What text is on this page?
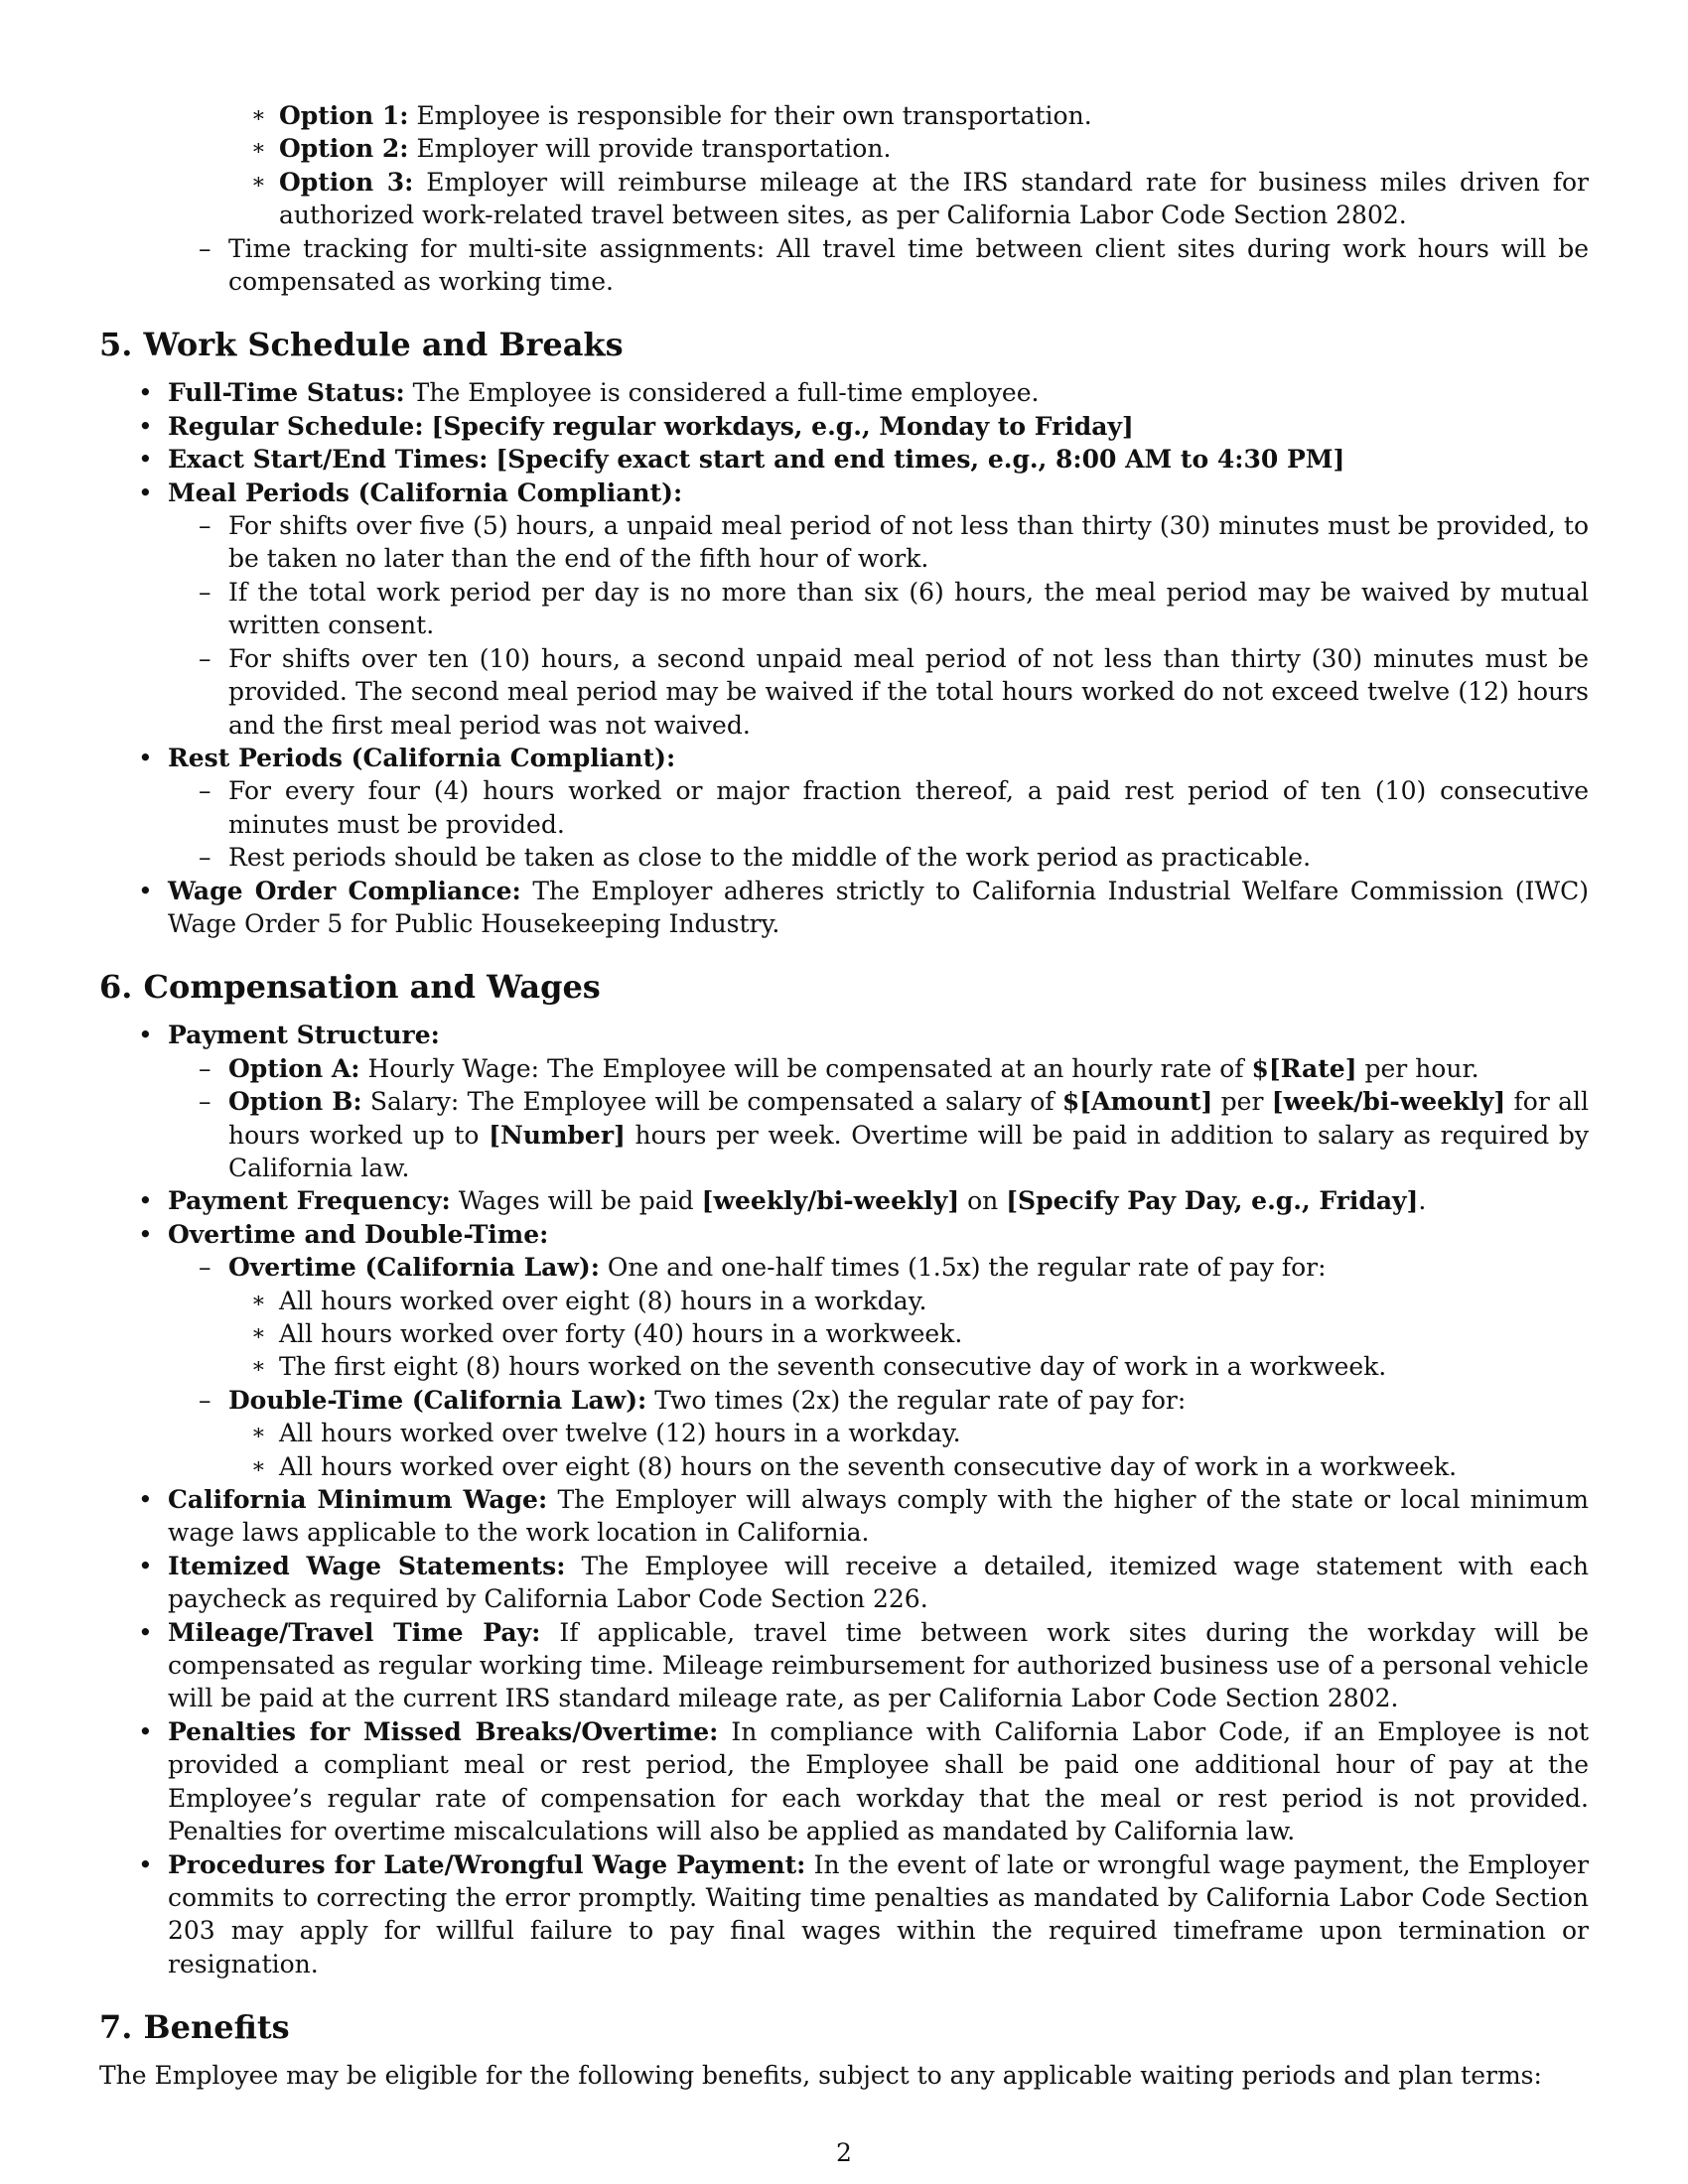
∗ Option 1: Employee is responsible for their own transportation.
∗ Option 2: Employer will provide transportation.
∗ Option 3: Employer will reimburse mileage at the IRS standard rate for business miles driven for authorized work-related travel between sites, as per California Labor Code Section 2802.
– Time tracking for multi-site assignments: All travel time between client sites during work hours will be compensated as working time.
5. Work Schedule and Breaks
• Full-Time Status: The Employee is considered a full-time employee.
• Regular Schedule: [Specify regular workdays, e.g., Monday to Friday]
• Exact Start/End Times: [Specify exact start and end times, e.g., 8:00 AM to 4:30 PM]
• Meal Periods (California Compliant):
– For shifts over five (5) hours, a unpaid meal period of not less than thirty (30) minutes must be provided, to be taken no later than the end of the fifth hour of work.
– If the total work period per day is no more than six (6) hours, the meal period may be waived by mutual written consent.
– For shifts over ten (10) hours, a second unpaid meal period of not less than thirty (30) minutes must be provided. The second meal period may be waived if the total hours worked do not exceed twelve (12) hours and the first meal period was not waived.
• Rest Periods (California Compliant):
– For every four (4) hours worked or major fraction thereof, a paid rest period of ten (10) consecutive minutes must be provided.
– Rest periods should be taken as close to the middle of the work period as practicable.
• Wage Order Compliance: The Employer adheres strictly to California Industrial Welfare Commission (IWC) Wage Order 5 for Public Housekeeping Industry.
6. Compensation and Wages
• Payment Structure:
– Option A: Hourly Wage: The Employee will be compensated at an hourly rate of $[Rate] per hour.
– Option B: Salary: The Employee will be compensated a salary of $[Amount] per [week/bi-weekly] for all hours worked up to [Number] hours per week. Overtime will be paid in addition to salary as required by California law.
• Payment Frequency: Wages will be paid [weekly/bi-weekly] on [Specify Pay Day, e.g., Friday].
• Overtime and Double-Time:
– Overtime (California Law): One and one-half times (1.5x) the regular rate of pay for:
∗ All hours worked over eight (8) hours in a workday.
∗ All hours worked over forty (40) hours in a workweek.
∗ The first eight (8) hours worked on the seventh consecutive day of work in a workweek.
– Double-Time (California Law): Two times (2x) the regular rate of pay for:
∗ All hours worked over twelve (12) hours in a workday.
∗ All hours worked over eight (8) hours on the seventh consecutive day of work in a workweek.
• California Minimum Wage: The Employer will always comply with the higher of the state or local minimum wage laws applicable to the work location in California.
• Itemized Wage Statements: The Employee will receive a detailed, itemized wage statement with each paycheck as required by California Labor Code Section 226.
• Mileage/Travel Time Pay: If applicable, travel time between work sites during the workday will be compensated as regular working time. Mileage reimbursement for authorized business use of a personal vehicle will be paid at the current IRS standard mileage rate, as per California Labor Code Section 2802.
• Penalties for Missed Breaks/Overtime: In compliance with California Labor Code, if an Employee is not provided a compliant meal or rest period, the Employee shall be paid one additional hour of pay at the Employee’s regular rate of compensation for each workday that the meal or rest period is not provided. Penalties for overtime miscalculations will also be applied as mandated by California law.
• Procedures for Late/Wrongful Wage Payment: In the event of late or wrongful wage payment, the Employer commits to correcting the error promptly. Waiting time penalties as mandated by California Labor Code Section 203 may apply for willful failure to pay final wages within the required timeframe upon termination or resignation.
7. Benefits
The Employee may be eligible for the following benefits, subject to any applicable waiting periods and plan terms:
2
